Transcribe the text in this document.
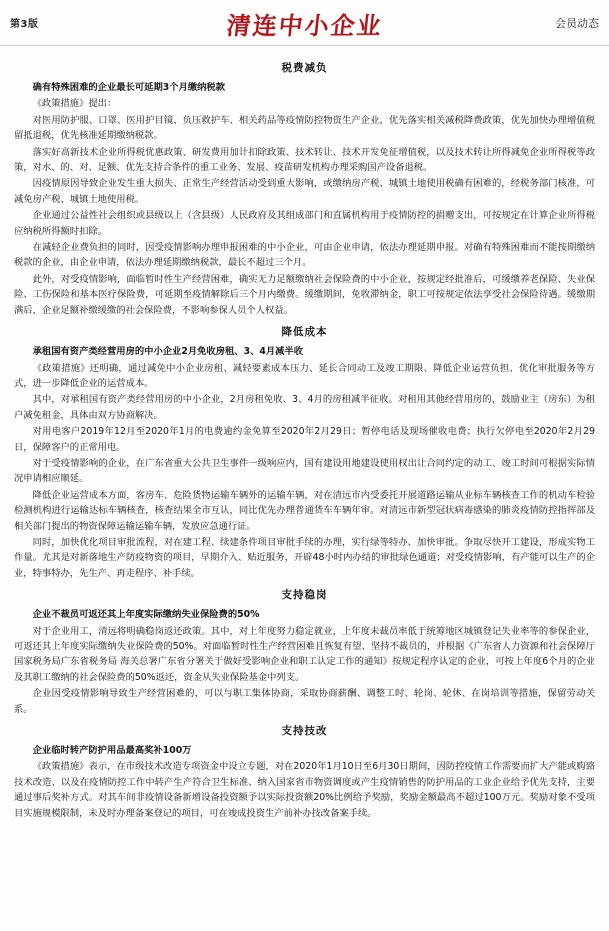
第3版	清连中小企业	会员动态
税费减负

确有特殊困难的企业最长可延期3个月缴纳税款

《政策措施》提出：

对医用防护服、口罩、医用护目镜、负压救护车、相关药品等疫情防控物资生产企业，优先落实相关减税降费政策，优先加快办理增值税留抵退税，优先核准延期缴纳税款。

落实好高新技术企业所得税优惠政策、研发费用加计扣除政策、技术转让、技术开发免征增值税，以及技术转让所得减免企业所得税等政策，对水、的、对、足额、优先支持合条件的重工业务、发展、疫苗研发机构办理采购国产设备退税。

因疫情原因导致企业发生重大损失、正常生产经营活动受到重大影响，或缴纳房产税、城镇土地使用税确有困难的，经税务部门核准，可减免房产税、城镇土地使用税。

企业通过公益性社会组织或县级以上（含县级）人民政府及其组成部门和直属机构用于疫情防控的捐赠支出，可按规定在计算企业所得税应纳税所得额时扣除。

在减轻企业费负担的同时，因受疫情影响办理申报困难的中小企业，可由企业申请，依法办理延期申报。对确有特殊困难而不能按期缴纳税款的企业，由企业申请，依法办理延期缴纳税款，最长不超过三个月。

此外，对受疫情影响，面临暂时性生产经营困难，确实无力足额缴纳社会保险费的中小企业，按规定经批准后，可缓缴养老保险、失业保险、工伤保险和基本医疗保险费，可延期至疫情解除后三个月内缴费。缓缴期间，免收滞纳金，职工可按规定依法享受社会保险待遇。缓缴期满后，企业足额补缴缓缴的社会保险费，不影响参保人员个人权益。

降低成本

承租国有资产类经营用房的中小企业2月免收房租、3、4月减半收

《政策措施》还明确，通过减免中小企业房租、减轻要素成本压力、延长合同动工及竣工期限、降低企业运营负担、优化审批服务等方式，进一步降低企业的运营成本。

其中，对承租国有资产类经营用房的中小企业，2月房租免收、3、4月的房租减半征收。对租用其他经营用房的，鼓励业主（房东）为租户减免租金，具体由双方协商解决。

对用电客户2019年12月至2020年1月的电费逾约金免算至2020年2月29日；暂停电话及现场催收电费；执行欠停电至2020年2月29日，保障客户的正常用电。

对于受疫情影响的企业，在广东省重大公共卫生事件一级响应内，国有建设用地建设使用权出让合同约定的动工、竣工时间可根据实际情况申请相应顺延。

降低企业运营成本方面，客房车、危险货物运输车辆外的运输车辆，对在清远市内受委托开展道路运输从业标车辆核查工作的机动车检验检测机构进行运输达标车辆核查，核查结果全市互认，同比优先办理普通货车车辆年审。对清远市新型冠状病毒感染的肺炎疫情防控指挥部及相关部门提出的物资保障运输运输车辆，发放应急通行证。

同时，加快优化项目审批流程，对在建工程、续建条件项目审批手续的办理，实行绿等特办、加快审批。争取尽快开工建设，形成实物工作量。尤其是对新落地生产防疫物资的项目，早期介入、贴近服务，开辟48小时内办结的审批绿色通道；对受疫情影响，有产能可以生产的企业，特事特办，先生产、再走程序、补手续。

支持稳岗

企业不裁员可返还其上年度实际缴纳失业保险费的50%

对于企业用工，清远将明确稳岗返还政策。其中，对上年度努力稳定就业，上年度未裁员率低于统筹地区城镇登记失业率等的参保企业，可返还其上年度实际缴纳失业保险费的50%。对面临暂时性生产经营困难且恢复有望、坚持不裁员的，并根据《广东省人力资源和社会保障厅 国家税务局广东省税务局 海关总署广东省分署关于做好受影响企业和职工认定工作的通知》按规定程序认定的企业，可按上年度6个月的企业及其职工缴纳的社会保险费的50%返还，资金从失业保险基金中列支。

企业因受疫情影响导致生产经营困难的，可以与职工集体协商，采取协商薪酬、调整工时、轮岗、轮休、在岗培训等措施，保留劳动关系。

支持技改

企业临时转产防护用品最高奖补100万

《政策措施》表示，在市级技术改造专项资金中设立专题，对在2020年1月10日至6月30日期间，因防控疫情工作需要而扩大产能或购臵技术改造、以及在疫情防控工作中转产生产符合卫生标准、纳入国家省市物资调度或产生疫情销售的防护用品的工业企业给予优先支持，主要通过事后奖补方式。对其车间非疫情设备新增设备投资额予以实际投资额20%比例给予奖励，奖励金额最高不超过100万元。奖励对象不受项目实施规模限制，未及时办理备案登记的项目，可在竣成投资生产前补办技改备案手续。
